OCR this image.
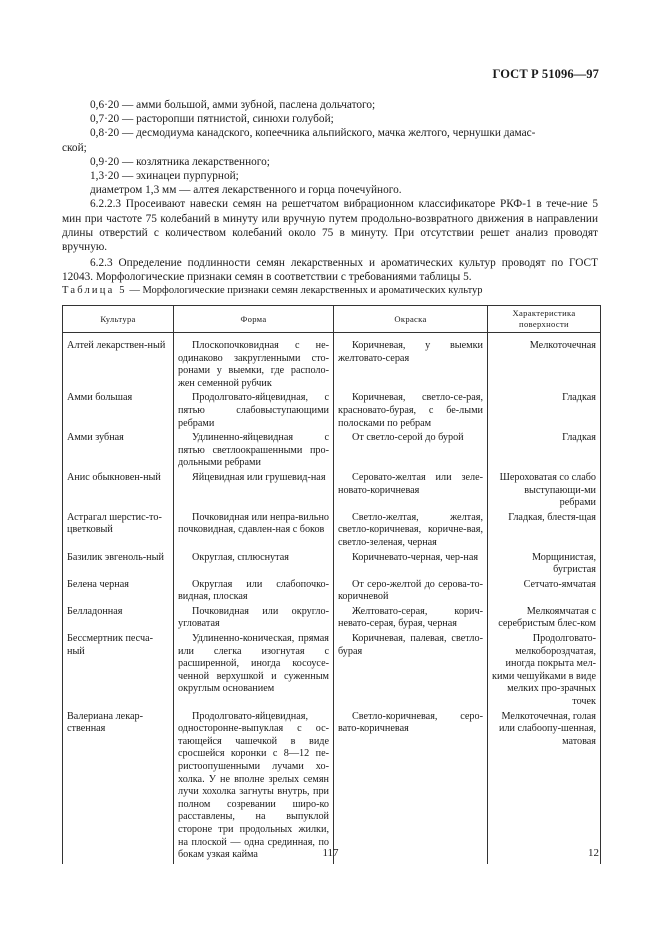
ГОСТ Р 51096—97

0,6·20 — амми большой, амми зубной, паслена дольчатого;

0,7·20 — расторопши пятнистой, синюхи голубой;

0,8·20 — десмодиума канадского, копеечника альпийского, мачка желтого, чернушки дамас-

ской;

0,9·20 — козлятника лекарственного;

1,3·20 — эхинацеи пурпурной;

диаметром 1,3 мм — алтея лекарственного и горца почечуйного.

6.2.2.3 Просеивают навески семян на решетчатом вибрационном классификаторе РКФ-1 в тече-ние 5 мин при частоте 75 колебаний в минуту или вручную путем продольно-возвратного движения в направлении длины отверстий с количеством колебаний около 75 в минуту. При отсутствии решет анализ проводят вручную.

6.2.3 Определение подлинности семян лекарственных и ароматических культур проводят по ГОСТ 12043. Морфологические признаки семян в соответствии с требованиями таблицы 5.

Таблица 5 — Морфологические признаки семян лекарственных и ароматических культур
Культура	Форма	Окраска	Характеристика поверхности
Алтей лекарствен-ный	Плоскопочковидная с не-одинаково закругленными сто-ронами у выемки, где располо-жен семенной рубчик	Коричневая, у выемки желтовато-серая	Мелкоточечная
Амми большая	Продолговато-яйцевидная, с пятью слабовыступающими ребрами	Коричневая, светло-се-рая, красновато-бурая, с бе-лыми полосками по ребрам	Гладкая
Амми зубная	Удлиненно-яйцевидная с пятью светлоокрашенными про-дольными ребрами	От светло-серой до бурой	Гладкая
Анис обыкновен-ный	Яйцевидная или грушевид-ная	Серовато-желтая или зеле-новато-коричневая	Шероховатая со слабо выступающи-ми ребрами
Астрагал шерстис-то-цветковый	Почковидная или непра-вильно почковидная, сдавлен-ная с боков	Светло-желтая, желтая, светло-коричневая, коричне-вая, светло-зеленая, черная	Гладкая, блестя-щая
Базилик эвгеноль-ный	Округлая, сплюснутая	Коричневато-черная, чер-ная	Морщинистая, бугристая
Белена черная	Округлая или слабопочко-видная, плоская	От серо-желтой до серова-то-коричневой	Сетчато-ямчатая
Белладонная	Почковидная или округлo-угловатая	Желтовато-серая, корич-невато-серая, бурая, черная	Мелкоямчатая с серебристым блес-ком
Бессмертник песча-ный	Удлиненно-коническая, прямая или слегка изогнутая с расширенной, иногда косоусе-ченной верхушкой и суженным округлым основанием	Коричневая, палевая, светло-бурая	Продолговато-мелкобороздчатая, иногда покрыта мел-кими чешуйками в виде мелких про-зрачных точек
Валериана лекар-ственная	Продолговато-яйцевидная, односторонне-выпуклая с ос-тающейся чашечкой в виде сросшейся коронки с 8—12 пе-ристоопушенными лучами хо-холка. У не вполне зрелых семян лучи хохолка загнуты внутрь, при полном созревании широ-ко расставлены, на выпуклой стороне три продольных жилки, на плоской — одна срединная, по бокам узкая кайма	Светло-коричневая, серо-вато-коричневая	Мелкоточечная, голая или слабоопу-шенная, матовая
117	12
